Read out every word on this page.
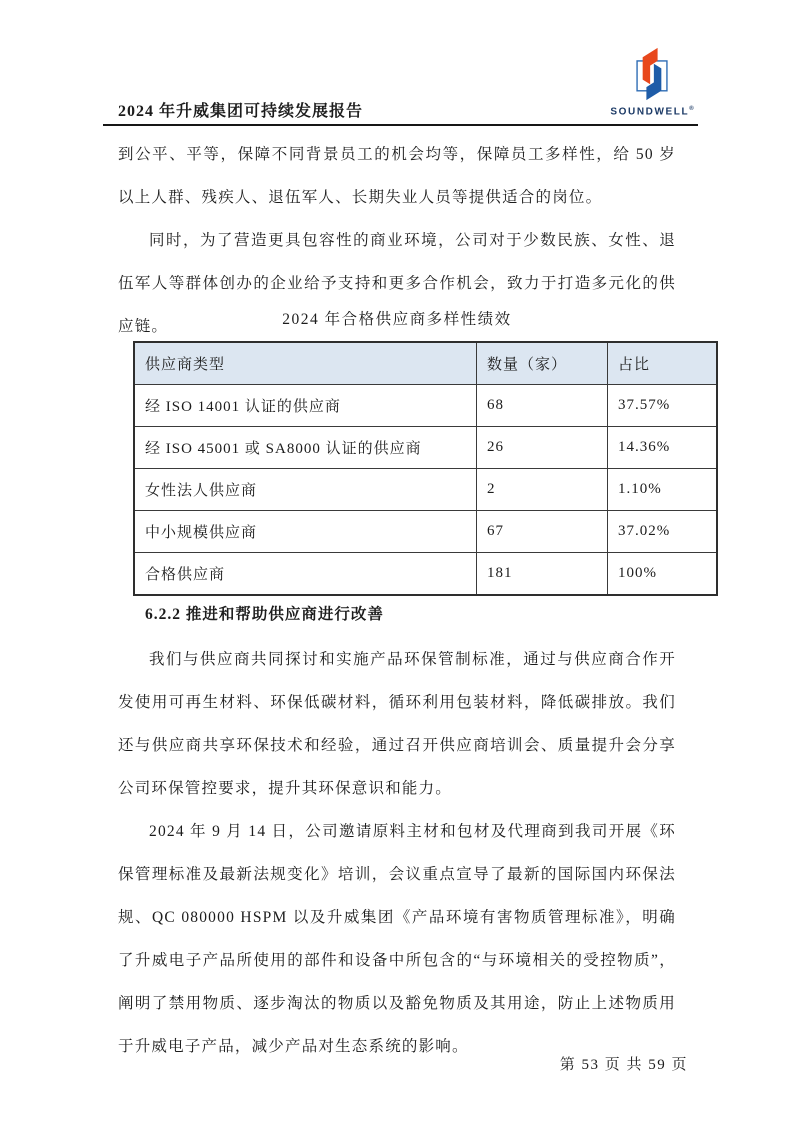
2024 年升威集团可持续发展报告	SOUNDWELL®

到公平、平等，保障不同背景员工的机会均等，保障员工多样性，给 50 岁以上人群、残疾人、退伍军人、长期失业人员等提供适合的岗位。

同时，为了营造更具包容性的商业环境，公司对于少数民族、女性、退伍军人等群体创办的企业给予支持和更多合作机会，致力于打造多元化的供应链。	2024 年合格供应商多样性绩效
供应商类型	数量（家）	占比
经 ISO 14001 认证的供应商	68	37.57%
经 ISO 45001 或 SA8000 认证的供应商	26	14.36%
女性法人供应商	2	1.10%
中小规模供应商	67	37.02%
合格供应商	181	100%
6.2.2 推进和帮助供应商进行改善

我们与供应商共同探讨和实施产品环保管制标准，通过与供应商合作开发使用可再生材料、环保低碳材料，循环利用包装材料，降低碳排放。我们还与供应商共享环保技术和经验，通过召开供应商培训会、质量提升会分享公司环保管控要求，提升其环保意识和能力。

2024 年 9 月 14 日，公司邀请原料主材和包材及代理商到我司开展《环保管理标准及最新法规变化》培训，会议重点宣导了最新的国际国内环保法规、QC 080000 HSPM 以及升威集团《产品环境有害物质管理标准》，明确了升威电子产品所使用的部件和设备中所包含的“与环境相关的受控物质”，阐明了禁用物质、逐步淘汰的物质以及豁免物质及其用途，防止上述物质用于升威电子产品，减少产品对生态系统的影响。

第 53 页 共 59 页
